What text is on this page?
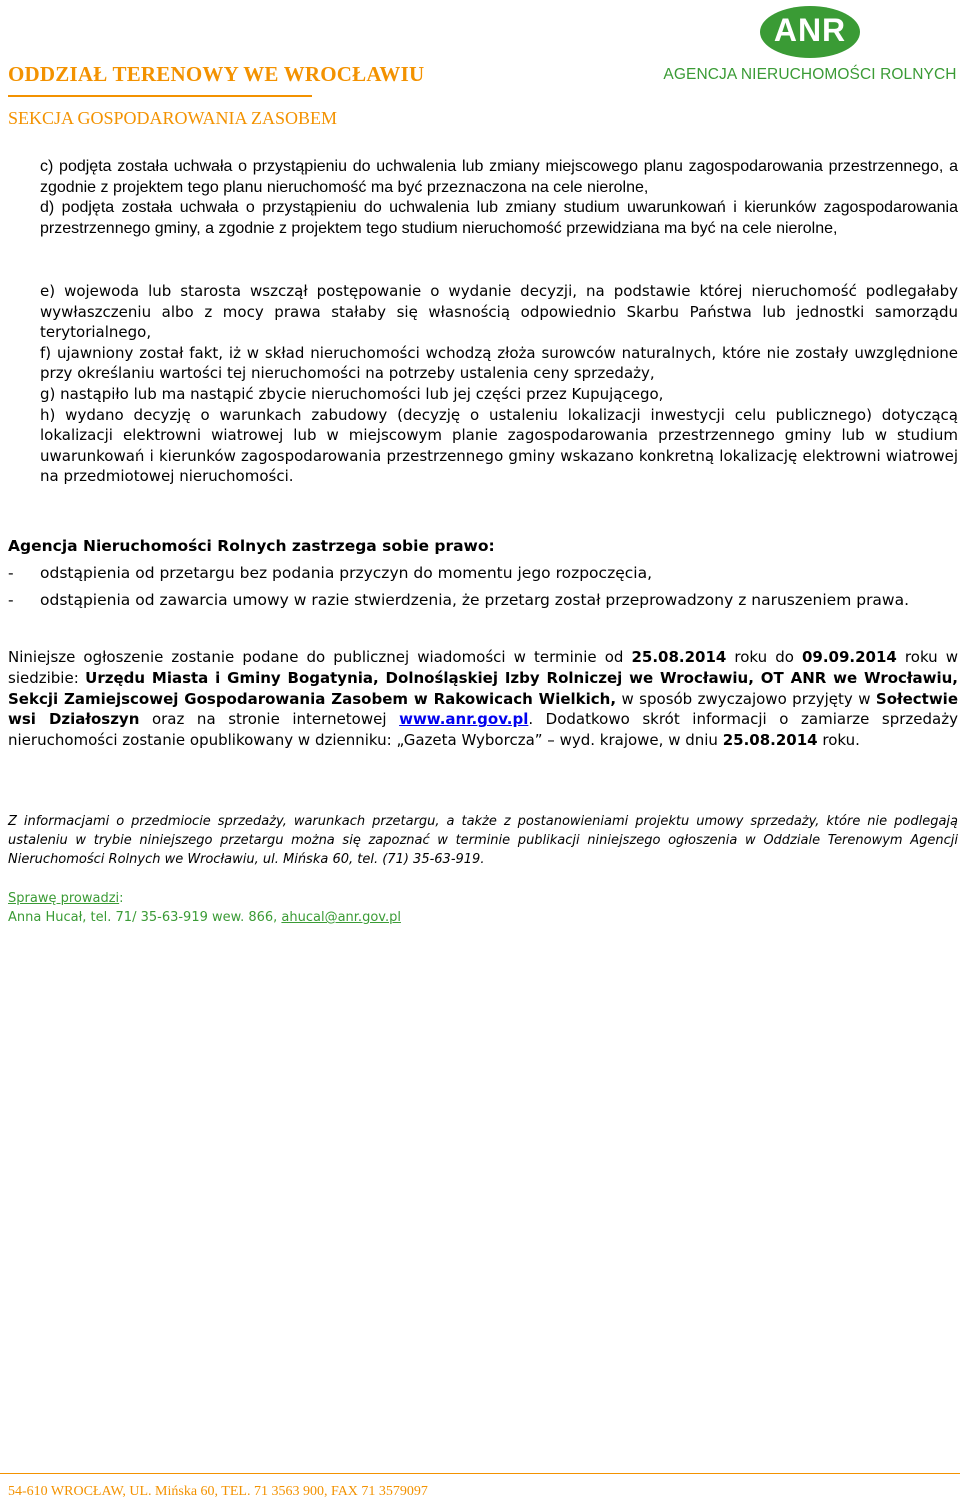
ODDZIAŁ TERENOWY WE WROCŁAWIU
SEKCJA GOSPODAROWANIA ZASOBEM
ANR
AGENCJA NIERUCHOMOŚCI ROLNYCH

c) podjęta została uchwała o przystąpieniu do uchwalenia lub zmiany miejscowego planu zagospodarowania przestrzennego, a zgodnie z projektem tego planu nieruchomość ma być przeznaczona na cele nierolne,

d) podjęta została uchwała o przystąpieniu do uchwalenia lub zmiany studium uwarunkowań i kierunków zagospodarowania przestrzennego gminy, a zgodnie z projektem tego studium nieruchomość przewidziana ma być na cele nierolne,

e) wojewoda lub starosta wszczął postępowanie o wydanie decyzji, na podstawie której nieruchomość podlegałaby wywłaszczeniu albo z mocy prawa stałaby się własnością odpowiednio Skarbu Państwa lub jednostki samorządu terytorialnego,

f) ujawniony został fakt, iż w skład nieruchomości wchodzą złoża surowców naturalnych, które nie zostały uwzględnione przy określaniu wartości tej nieruchomości na potrzeby ustalenia ceny sprzedaży,

g) nastąpiło lub ma nastąpić zbycie nieruchomości lub jej części przez Kupującego,

h) wydano decyzję o warunkach zabudowy (decyzję o ustaleniu lokalizacji inwestycji celu publicznego) dotyczącą lokalizacji elektrowni wiatrowej lub w miejscowym planie zagospodarowania przestrzennego gminy lub w studium uwarunkowań i kierunków zagospodarowania przestrzennego gminy wskazano konkretną lokalizację elektrowni wiatrowej na przedmiotowej nieruchomości.

Agencja Nieruchomości Rolnych zastrzega sobie prawo:

- odstąpienia od przetargu bez podania przyczyn do momentu jego rozpoczęcia,
- odstąpienia od zawarcia umowy w razie stwierdzenia, że przetarg został przeprowadzony z naruszeniem prawa.

Niniejsze ogłoszenie zostanie podane do publicznej wiadomości w terminie od 25.08.2014 roku do 09.09.2014 roku w siedzibie: Urzędu Miasta i Gminy Bogatynia, Dolnośląskiej Izby Rolniczej we Wrocławiu, OT ANR we Wrocławiu, Sekcji Zamiejscowej Gospodarowania Zasobem w Rakowicach Wielkich, w sposób zwyczajowo przyjęty w Sołectwie wsi Działoszyn oraz na stronie internetowej www.anr.gov.pl. Dodatkowo skrót informacji o zamiarze sprzedaży nieruchomości zostanie opublikowany w dzienniku: „Gazeta Wyborcza” – wyd. krajowe, w dniu 25.08.2014 roku.

Z informacjami o przedmiocie sprzedaży, warunkach przetargu, a także z postanowieniami projektu umowy sprzedaży, które nie podlegają ustaleniu w trybie niniejszego przetargu można się zapoznać w terminie publikacji niniejszego ogłoszenia w Oddziale Terenowym Agencji Nieruchomości Rolnych we Wrocławiu, ul. Mińska 60, tel. (71) 35-63-919.

Sprawę prowadzi:
Anna Hucał, tel. 71/ 35-63-919 wew. 866, ahucal@anr.gov.pl
54-610 WROCŁAW, UL. Mińska 60, TEL. 71 3563 900, FAX 71 3579097
